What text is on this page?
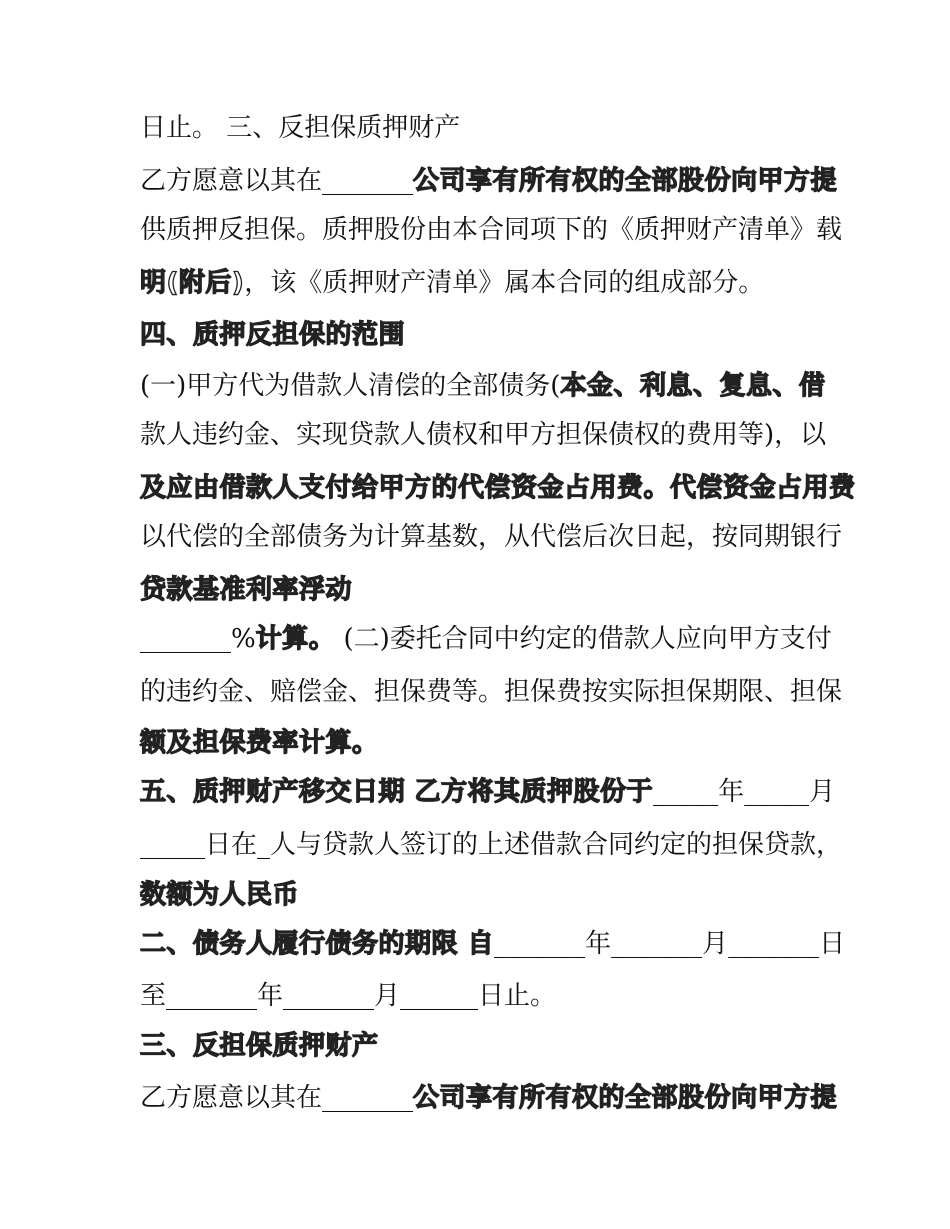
日止。 三、反担保质押财产
乙方愿意以其在_______公司享有所有权的全部股份向甲方提
供质押反担保。质押股份由本合同项下的《质押财产清单》载
明(附后)，该《质押财产清单》属本合同的组成部分。
四、质押反担保的范围
(一)甲方代为借款人清偿的全部债务(本金、利息、复息、借
款人违约金、实现贷款人债权和甲方担保债权的费用等)，以
及应由借款人支付给甲方的代偿资金占用费。代偿资金占用费
以代偿的全部债务为计算基数，从代偿后次日起，按同期银行
贷款基准利率浮动
_______%计算。 (二)委托合同中约定的借款人应向甲方支付
的违约金、赔偿金、担保费等。担保费按实际担保期限、担保
额及担保费率计算。
五、质押财产移交日期 乙方将其质押股份于_____年_____月
_____日在_人与贷款人签订的上述借款合同约定的担保贷款，
数额为人民币
二、债务人履行债务的期限 自_______年_______月_______日
至_______年_______月______日止。
三、反担保质押财产
乙方愿意以其在_______公司享有所有权的全部股份向甲方提
